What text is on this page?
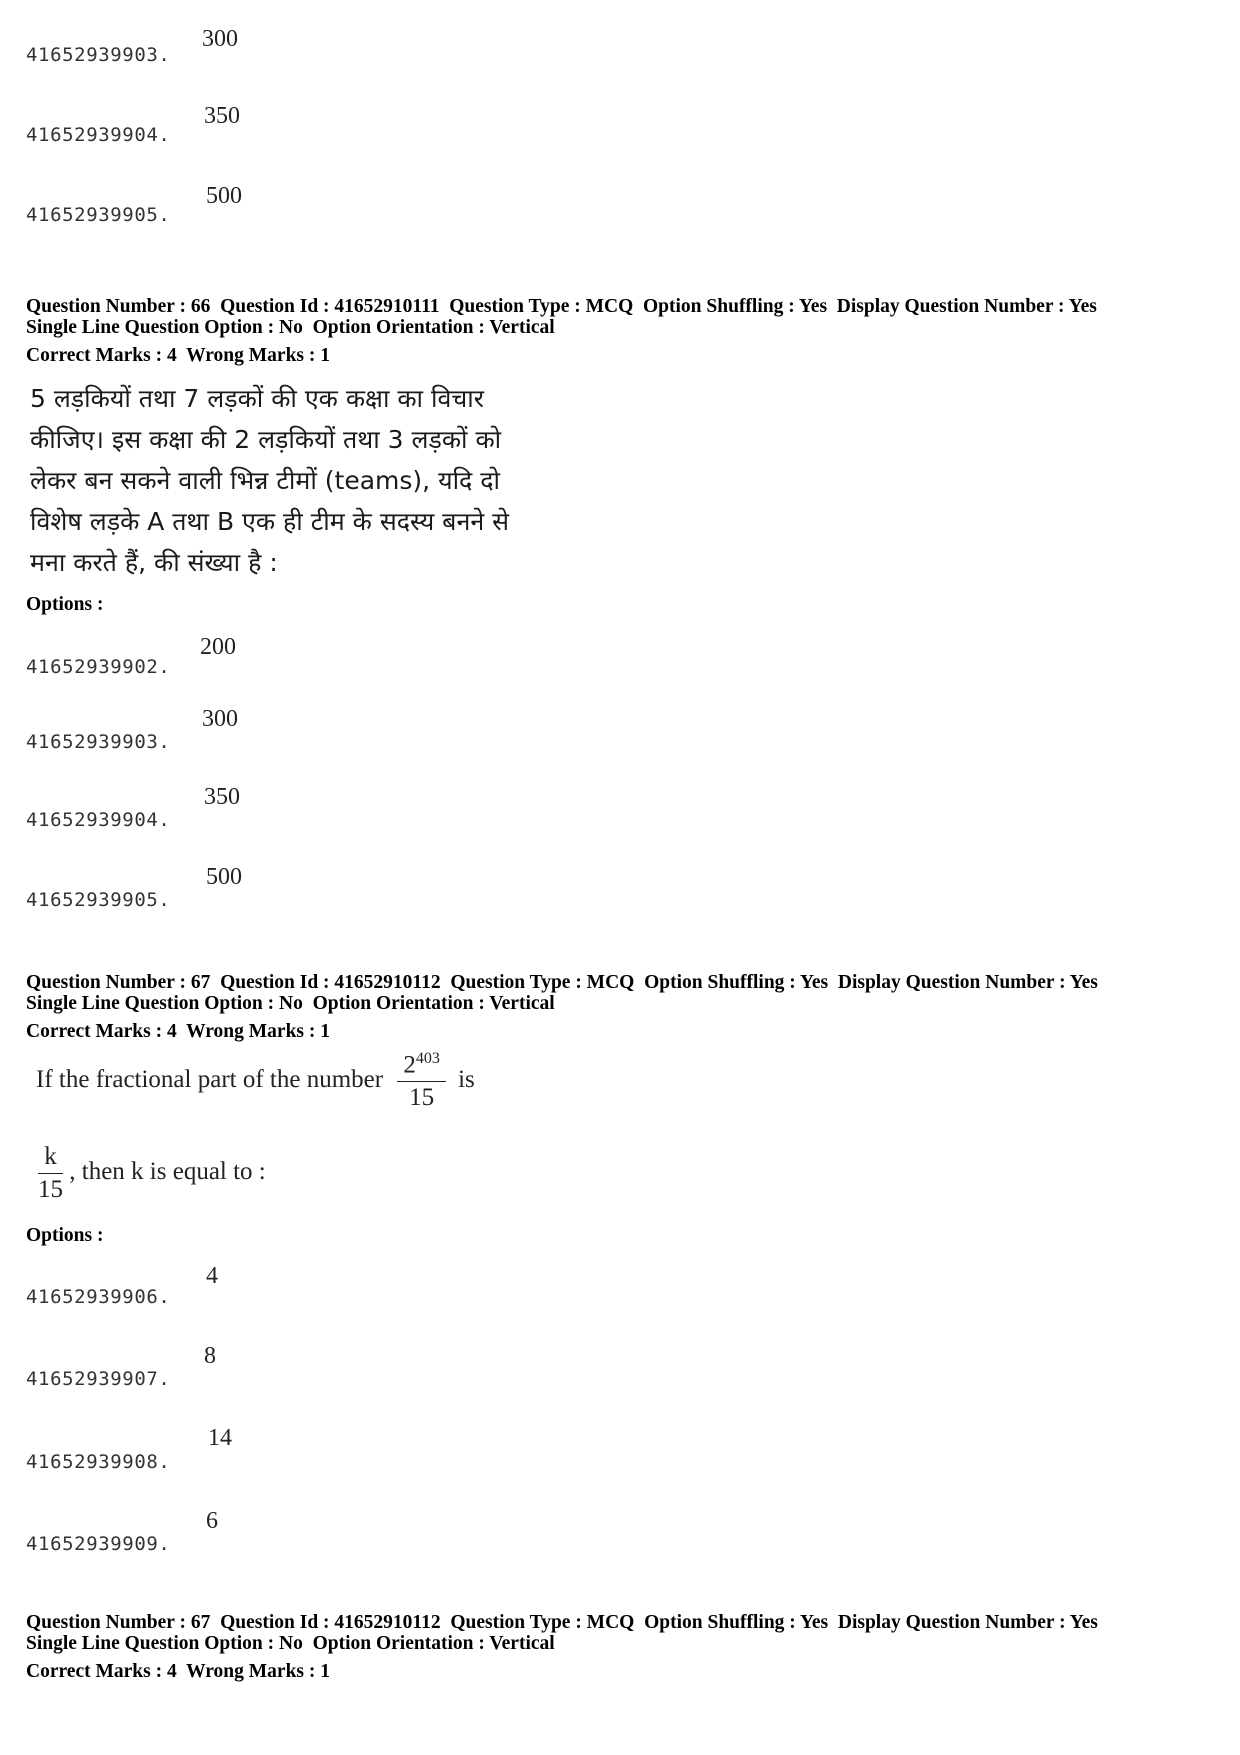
41652939903.
300
41652939904.
350
41652939905.
500
Question Number : 66  Question Id : 41652910111  Question Type : MCQ  Option Shuffling : Yes  Display Question Number : Yes
Single Line Question Option : No  Option Orientation : Vertical
Correct Marks : 4  Wrong Marks : 1
5 लड़कियों तथा 7 लड़कों की एक कक्षा का विचार
कीजिए। इस कक्षा की 2 लड़कियों तथा 3 लड़कों को
लेकर बन सकने वाली भिन्न टीमों (teams), यदि दो
विशेष लड़के A तथा B एक ही टीम के सदस्य बनने से
मना करते हैं, की संख्या है :
Options :
41652939902.
200
41652939903.
300
41652939904.
350
41652939905.
500
Question Number : 67  Question Id : 41652910112  Question Type : MCQ  Option Shuffling : Yes  Display Question Number : Yes
Single Line Question Option : No  Option Orientation : Vertical
Correct Marks : 4  Wrong Marks : 1
If the fractional part of the number $\frac{2^{403}}{15}$ is
$\frac{k}{15}$ , then k is equal to :
Options :
41652939906.
4
41652939907.
8
41652939908.
14
41652939909.
6
Question Number : 67  Question Id : 41652910112  Question Type : MCQ  Option Shuffling : Yes  Display Question Number : Yes
Single Line Question Option : No  Option Orientation : Vertical
Correct Marks : 4  Wrong Marks : 1
